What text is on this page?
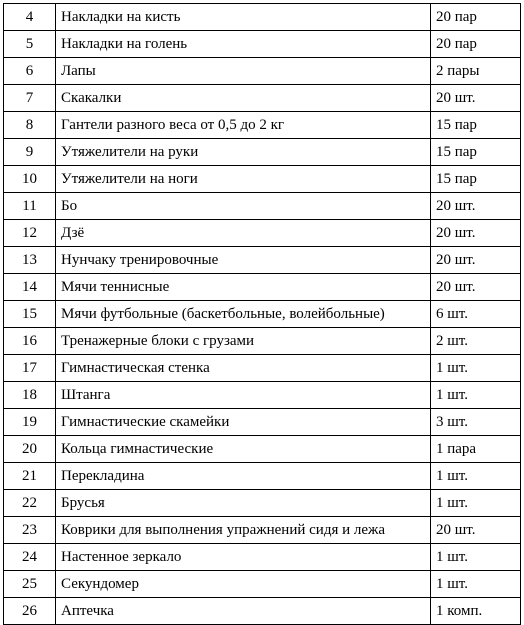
4	Накладки на кисть	20 пар
5	Накладки на голень	20 пар
6	Лапы	2 пары
7	Скакалки	20 шт.
8	Гантели разного веса от 0,5 до 2 кг	15 пар
9	Утяжелители на руки	15 пар
10	Утяжелители на ноги	15 пар
11	Бо	20 шт.
12	Дзё	20 шт.
13	Нунчаку тренировочные	20 шт.
14	Мячи теннисные	20 шт.
15	Мячи футбольные (баскетбольные, волейбольные)	6 шт.
16	Тренажерные блоки с грузами	2 шт.
17	Гимнастическая стенка	1 шт.
18	Штанга	1 шт.
19	Гимнастические скамейки	3 шт.
20	Кольца гимнастические	1 пара
21	Перекладина	1 шт.
22	Брусья	1 шт.
23	Коврики для выполнения упражнений сидя и лежа	20 шт.
24	Настенное зеркало	1 шт.
25	Секундомер	1 шт.
26	Аптечка	1 комп.
